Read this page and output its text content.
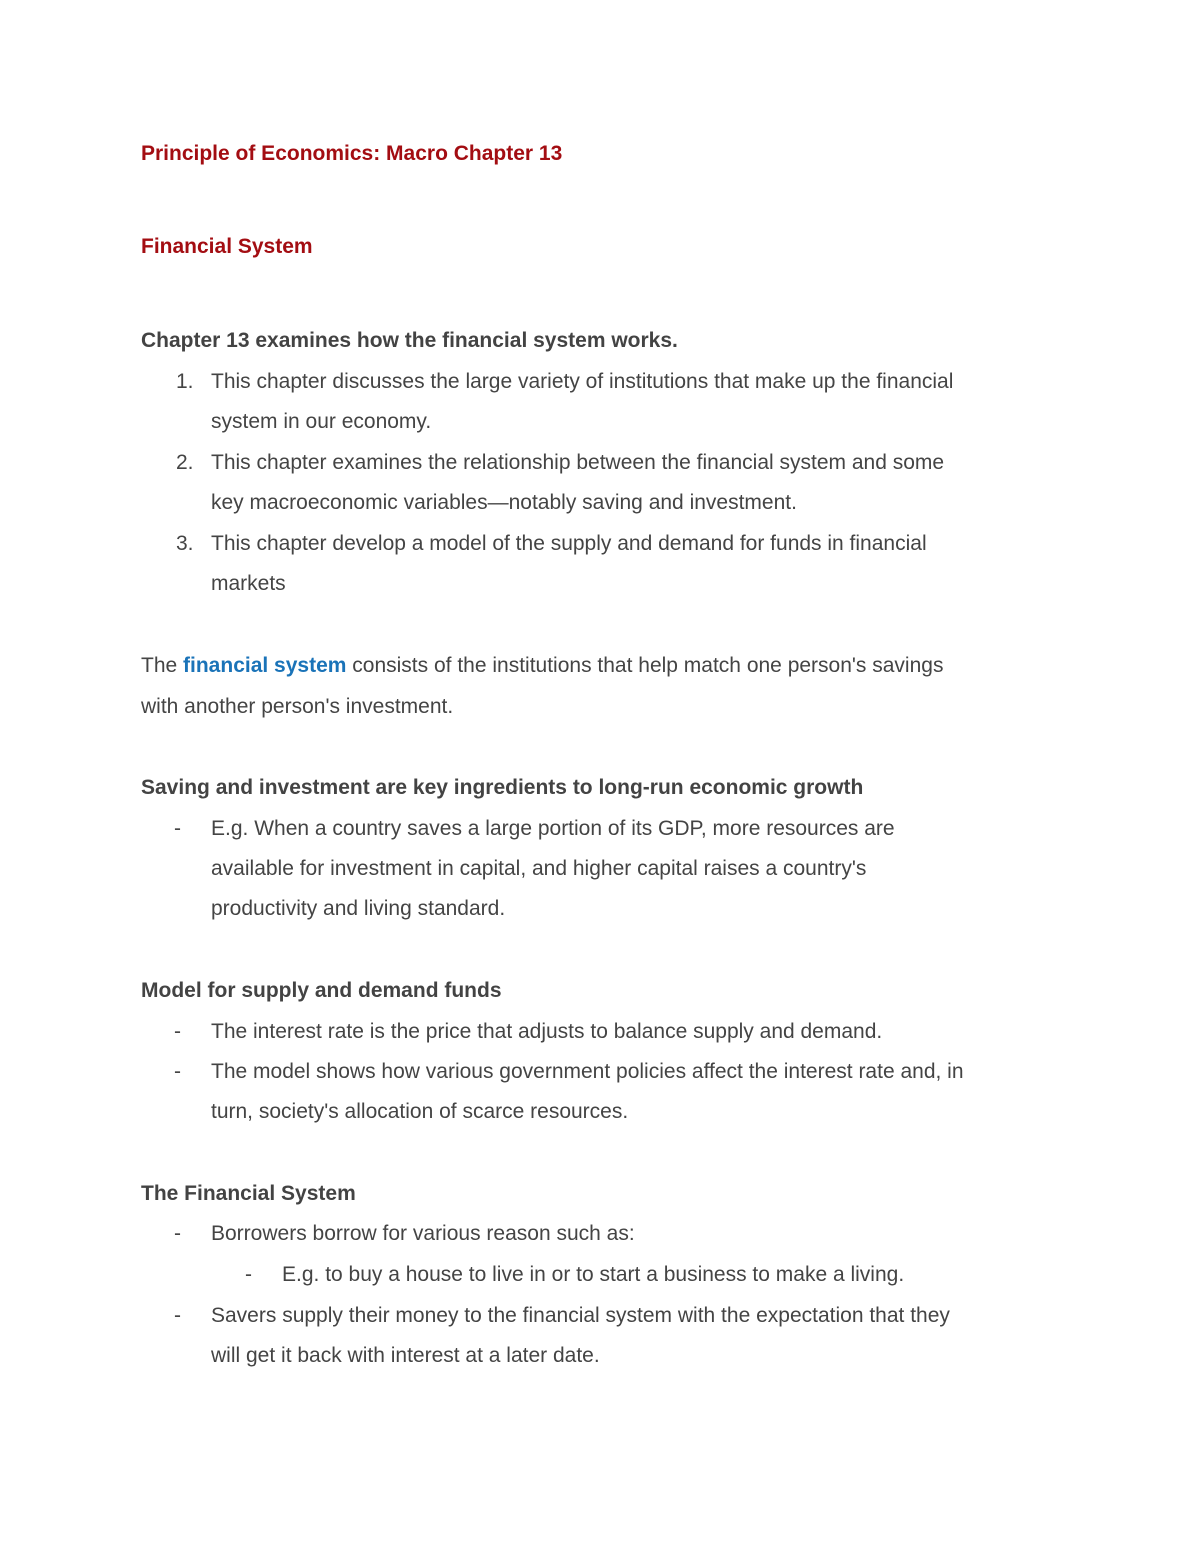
Principle of Economics: Macro Chapter 13
Financial System
Chapter 13 examines how the financial system works.
1. This chapter discusses the large variety of institutions that make up the financial
system in our economy.
2. This chapter examines the relationship between the financial system and some
key macroeconomic variables—notably saving and investment.
3. This chapter develop a model of the supply and demand for funds in financial
markets
The financial system consists of the institutions that help match one person's savings
with another person's investment.
Saving and investment are key ingredients to long-run economic growth
- E.g. When a country saves a large portion of its GDP, more resources are
available for investment in capital, and higher capital raises a country's
productivity and living standard.
Model for supply and demand funds
- The interest rate is the price that adjusts to balance supply and demand.
- The model shows how various government policies affect the interest rate and, in
turn, society's allocation of scarce resources.
The Financial System
- Borrowers borrow for various reason such as:
- E.g. to buy a house to live in or to start a business to make a living.
- Savers supply their money to the financial system with the expectation that they
will get it back with interest at a later date.
